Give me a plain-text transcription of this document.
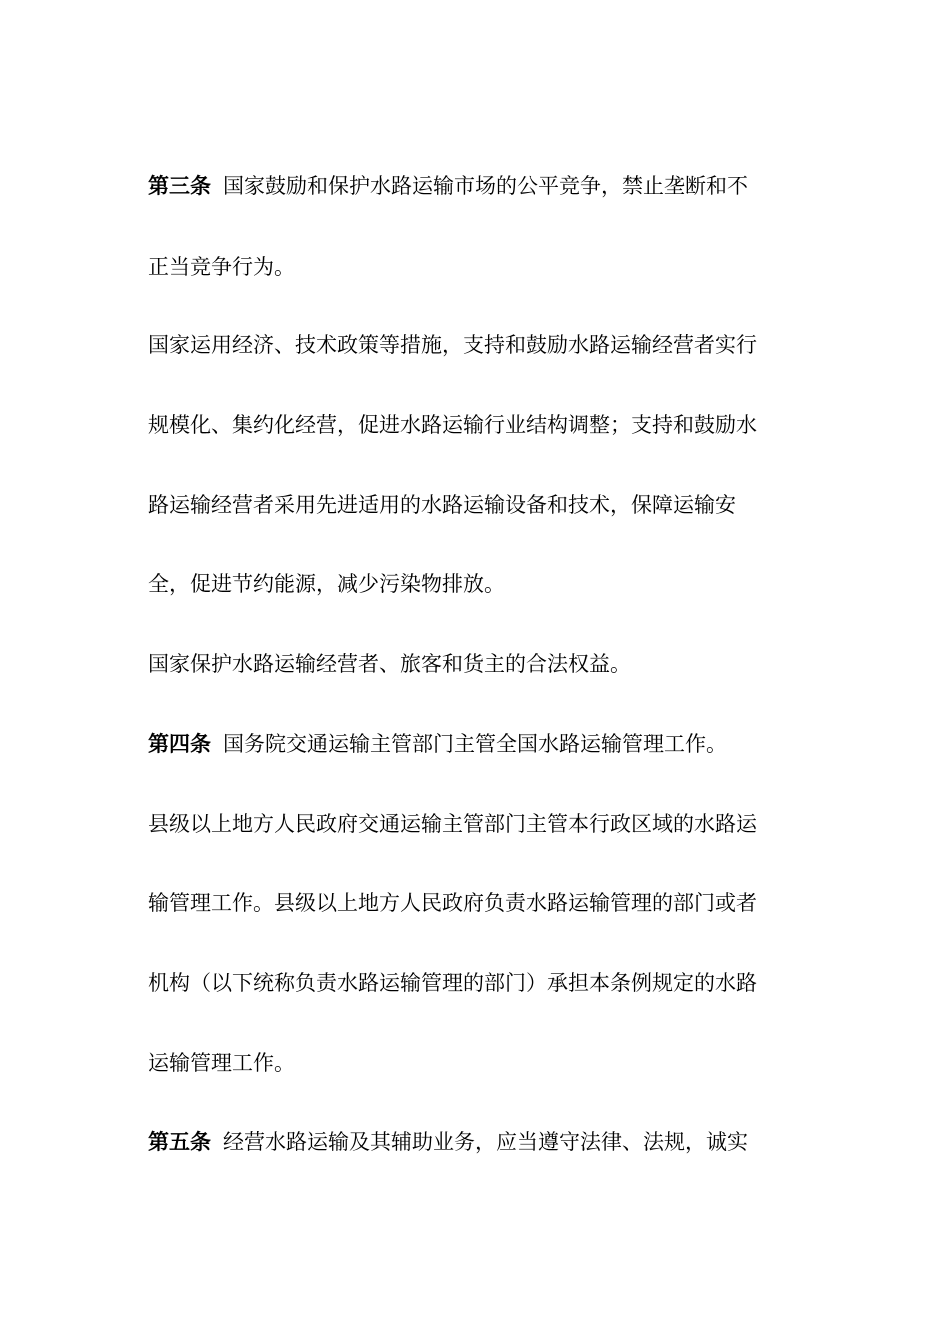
第三条 国家鼓励和保护水路运输市场的公平竞争，禁止垄断和不
正当竞争行为。
国家运用经济、技术政策等措施，支持和鼓励水路运输经营者实行
规模化、集约化经营，促进水路运输行业结构调整；支持和鼓励水
路运输经营者采用先进适用的水路运输设备和技术，保障运输安
全，促进节约能源，减少污染物排放。
国家保护水路运输经营者、旅客和货主的合法权益。
第四条 国务院交通运输主管部门主管全国水路运输管理工作。
县级以上地方人民政府交通运输主管部门主管本行政区域的水路运
输管理工作。县级以上地方人民政府负责水路运输管理的部门或者
机构（以下统称负责水路运输管理的部门）承担本条例规定的水路
运输管理工作。
第五条 经营水路运输及其辅助业务，应当遵守法律、法规，诚实
